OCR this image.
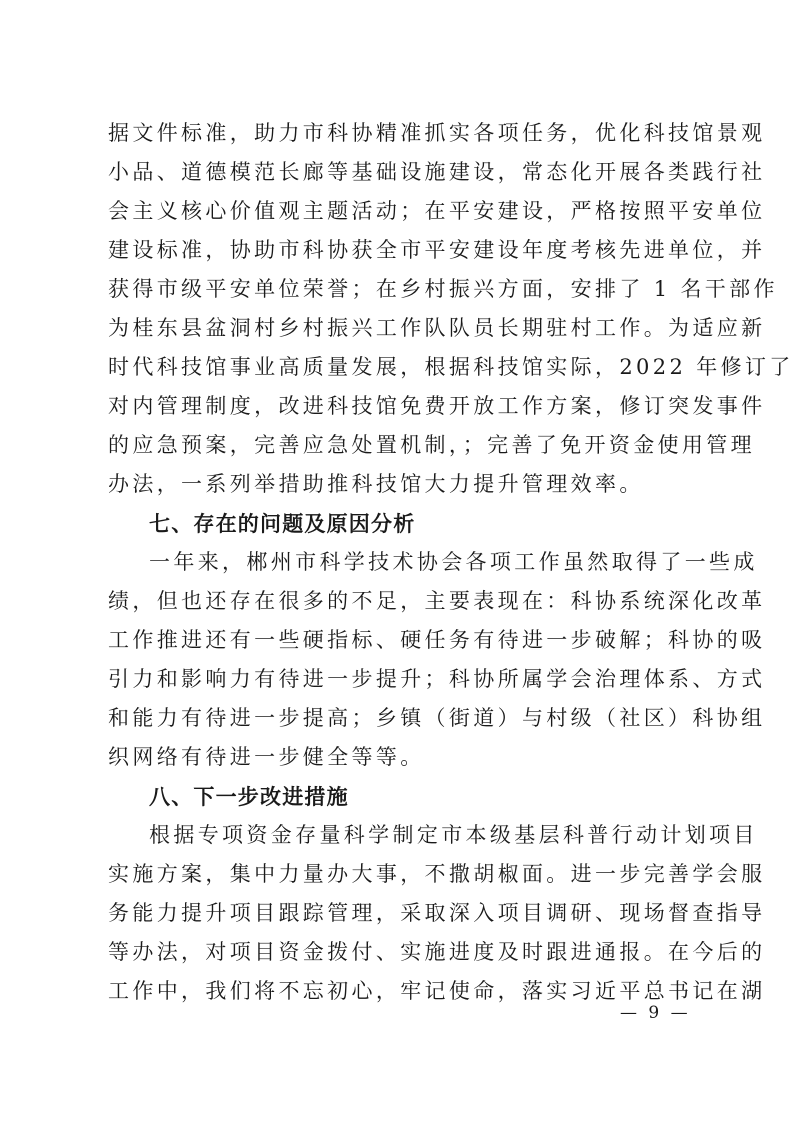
据文件标准，助力市科协精准抓实各项任务，优化科技馆景观
小品、道德模范长廊等基础设施建设，常态化开展各类践行社
会主义核心价值观主题活动；在平安建设，严格按照平安单位
建设标准，协助市科协获全市平安建设年度考核先进单位，并
获得市级平安单位荣誉；在乡村振兴方面，安排了 1 名干部作
为桂东县盆洞村乡村振兴工作队队员长期驻村工作。为适应新
时代科技馆事业高质量发展，根据科技馆实际，2022 年修订了
对内管理制度，改进科技馆免费开放工作方案，修订突发事件
的应急预案，完善应急处置机制，；完善了免开资金使用管理
办法，一系列举措助推科技馆大力提升管理效率。
七、存在的问题及原因分析
一年来，郴州市科学技术协会各项工作虽然取得了一些成
绩，但也还存在很多的不足，主要表现在：科协系统深化改革
工作推进还有一些硬指标、硬任务有待进一步破解；科协的吸
引力和影响力有待进一步提升；科协所属学会治理体系、方式
和能力有待进一步提高；乡镇（街道）与村级（社区）科协组
织网络有待进一步健全等等。
八、下一步改进措施
根据专项资金存量科学制定市本级基层科普行动计划项目
实施方案，集中力量办大事，不撒胡椒面。进一步完善学会服
务能力提升项目跟踪管理，采取深入项目调研、现场督查指导
等办法，对项目资金拨付、实施进度及时跟进通报。在今后的
工作中，我们将不忘初心，牢记使命，落实习近平总书记在湖
— 9 —
